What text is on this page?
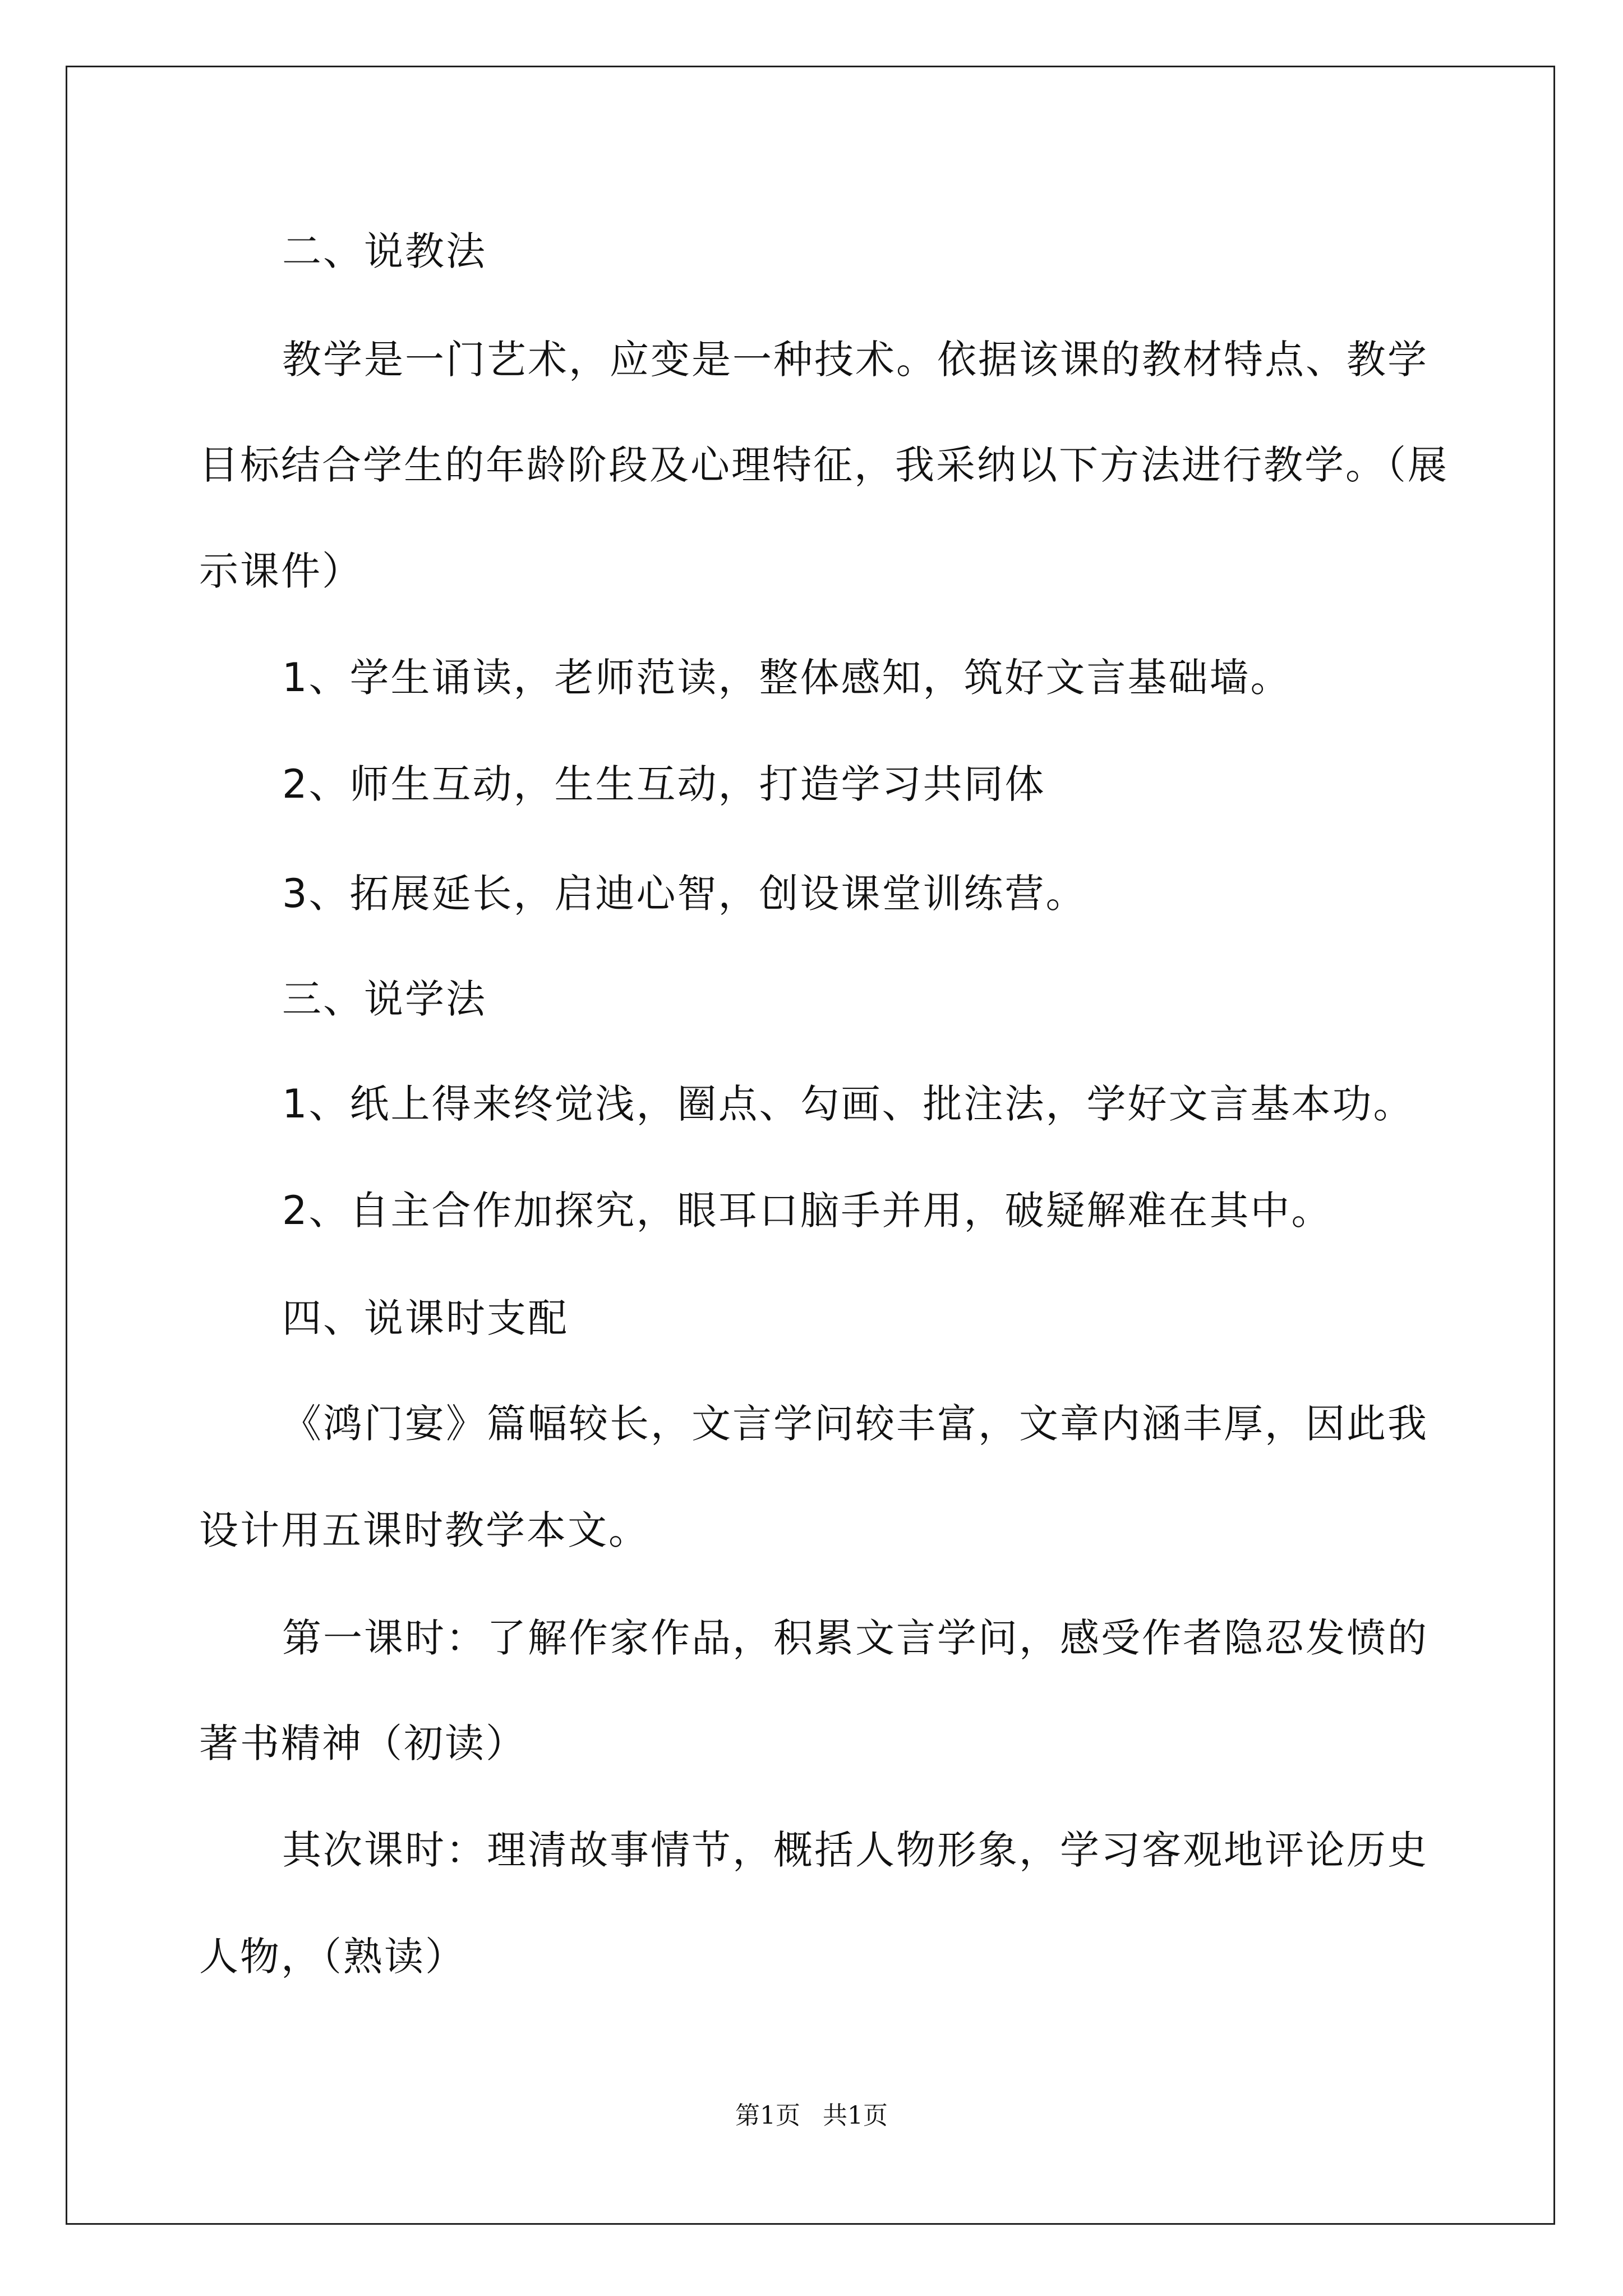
二、说教法
教学是一门艺术，应变是一种技术。依据该课的教材特点、教学
目标结合学生的年龄阶段及心理特征，我采纳以下方法进行教学。（展
示课件）
1、学生诵读，老师范读，整体感知，筑好文言基础墙。
2、师生互动，生生互动，打造学习共同体
3、拓展延长，启迪心智，创设课堂训练营。
三、说学法
1、纸上得来终觉浅，圈点、勾画、批注法，学好文言基本功。
2、自主合作加探究，眼耳口脑手并用，破疑解难在其中。
四、说课时支配
《鸿门宴》篇幅较长，文言学问较丰富，文章内涵丰厚，因此我
设计用五课时教学本文。
第一课时：了解作家作品，积累文言学问，感受作者隐忍发愤的
著书精神（初读）
其次课时：理清故事情节，概括人物形象，学习客观地评论历史
人物，（熟读）
第1页 共1页
